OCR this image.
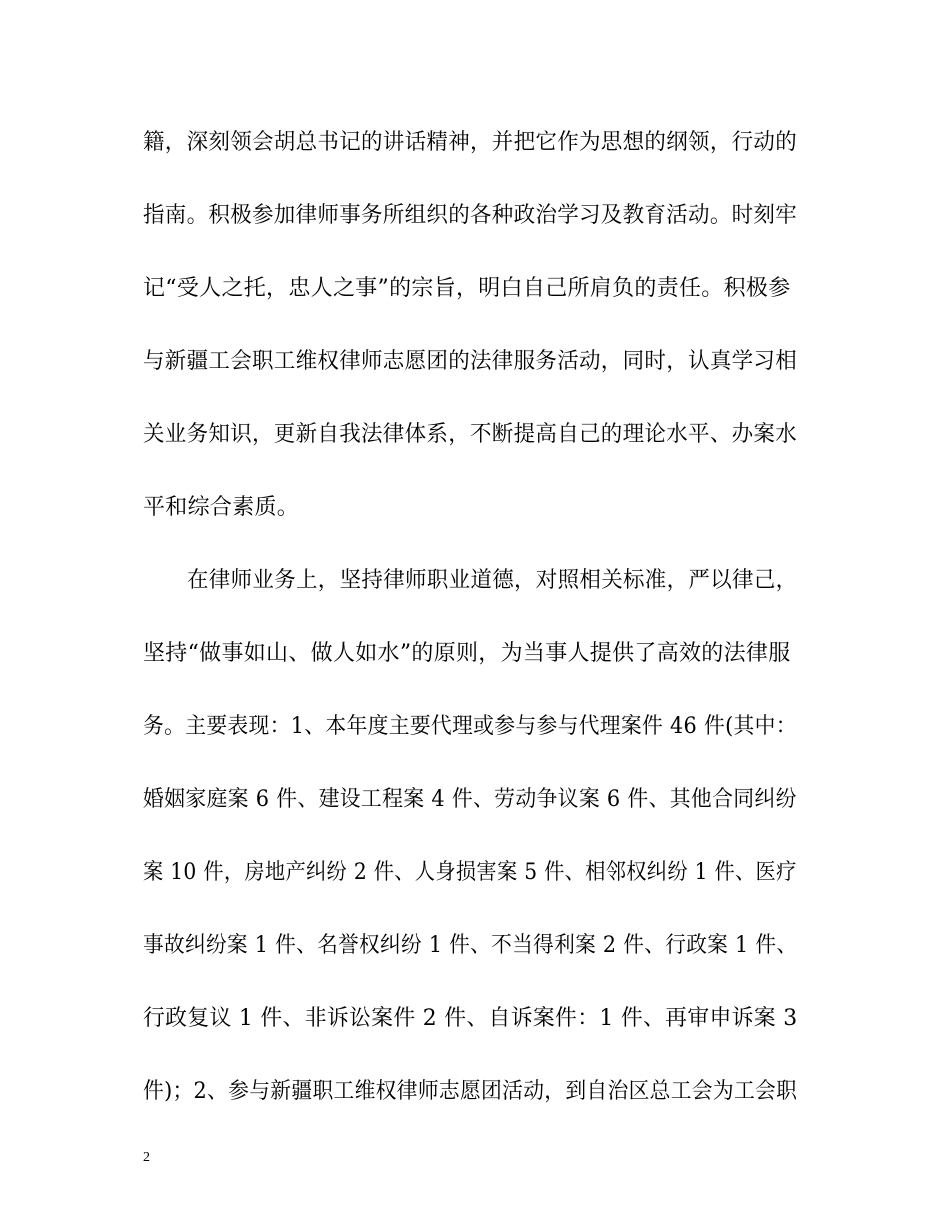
籍，深刻领会胡总书记的讲话精神，并把它作为思想的纲领，行动的
指南。积极参加律师事务所组织的各种政治学习及教育活动。时刻牢
记“受人之托，忠人之事”的宗旨，明白自己所肩负的责任。积极参
与新疆工会职工维权律师志愿团的法律服务活动，同时，认真学习相
关业务知识，更新自我法律体系，不断提高自己的理论水平、办案水
平和综合素质。
在律师业务上，坚持律师职业道德，对照相关标准，严以律己，
坚持“做事如山、做人如水”的原则，为当事人提供了高效的法律服
务。主要表现：1、本年度主要代理或参与参与代理案件 46 件(其中：
婚姻家庭案 6 件、建设工程案 4 件、劳动争议案 6 件、其他合同纠纷
案 10 件，房地产纠纷 2 件、人身损害案 5 件、相邻权纠纷 1 件、医疗
事故纠纷案 1 件、名誉权纠纷 1 件、不当得利案 2 件、行政案 1 件、
行政复议 1 件、非诉讼案件 2 件、自诉案件：1 件、再审申诉案 3
件)；2、参与新疆职工维权律师志愿团活动，到自治区总工会为工会职
2
